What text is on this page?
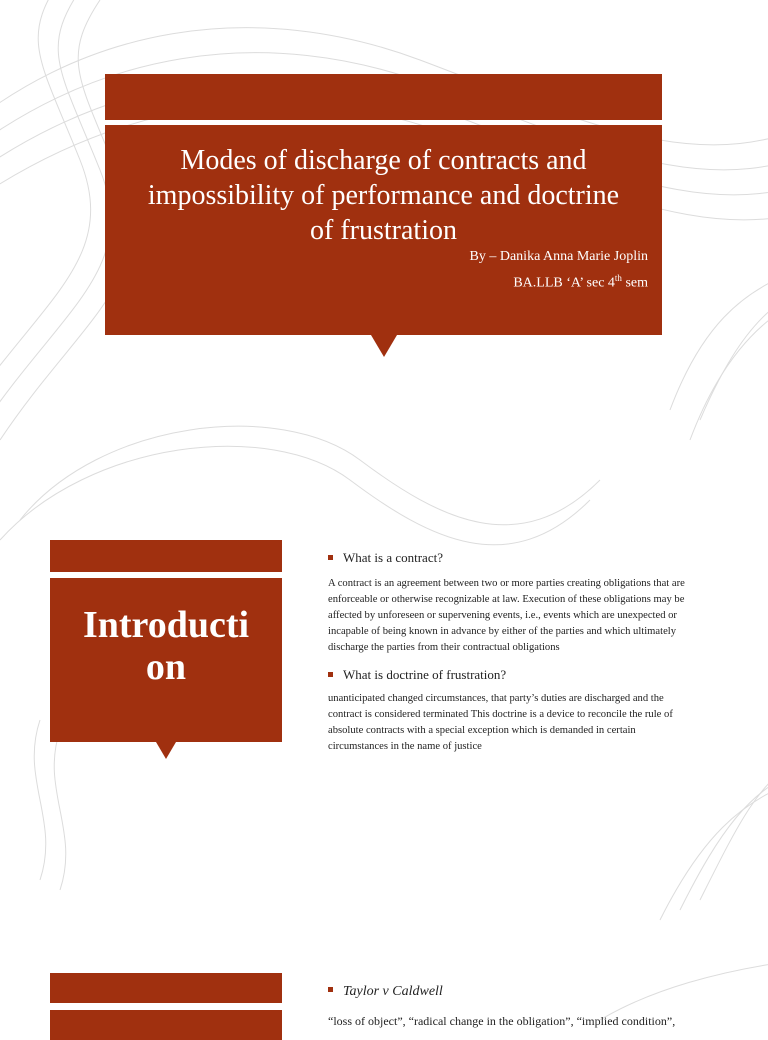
Modes of discharge of contracts and
impossibility of performance and doctrine
of frustration

By – Danika Anna Marie Joplin

BA.LLB ‘A’ sec 4th sem

Introducti
on

What is a contract?

A contract is an agreement between two or more parties creating obligations that are enforceable or otherwise recognizable at law. Execution of these obligations may be affected by unforeseen or supervening events, i.e., events which are unexpected or incapable of being known in advance by either of the parties and which ultimately discharge the parties from their contractual obligations

What is doctrine of frustration?

unanticipated changed circumstances, that party’s duties are discharged and the contract is considered terminated This doctrine is a device to reconcile the rule of absolute contracts with a special exception which is demanded in certain circumstances in the name of justice

Taylor v Caldwell

“loss of object”, “radical change in the obligation”, “implied condition”,
